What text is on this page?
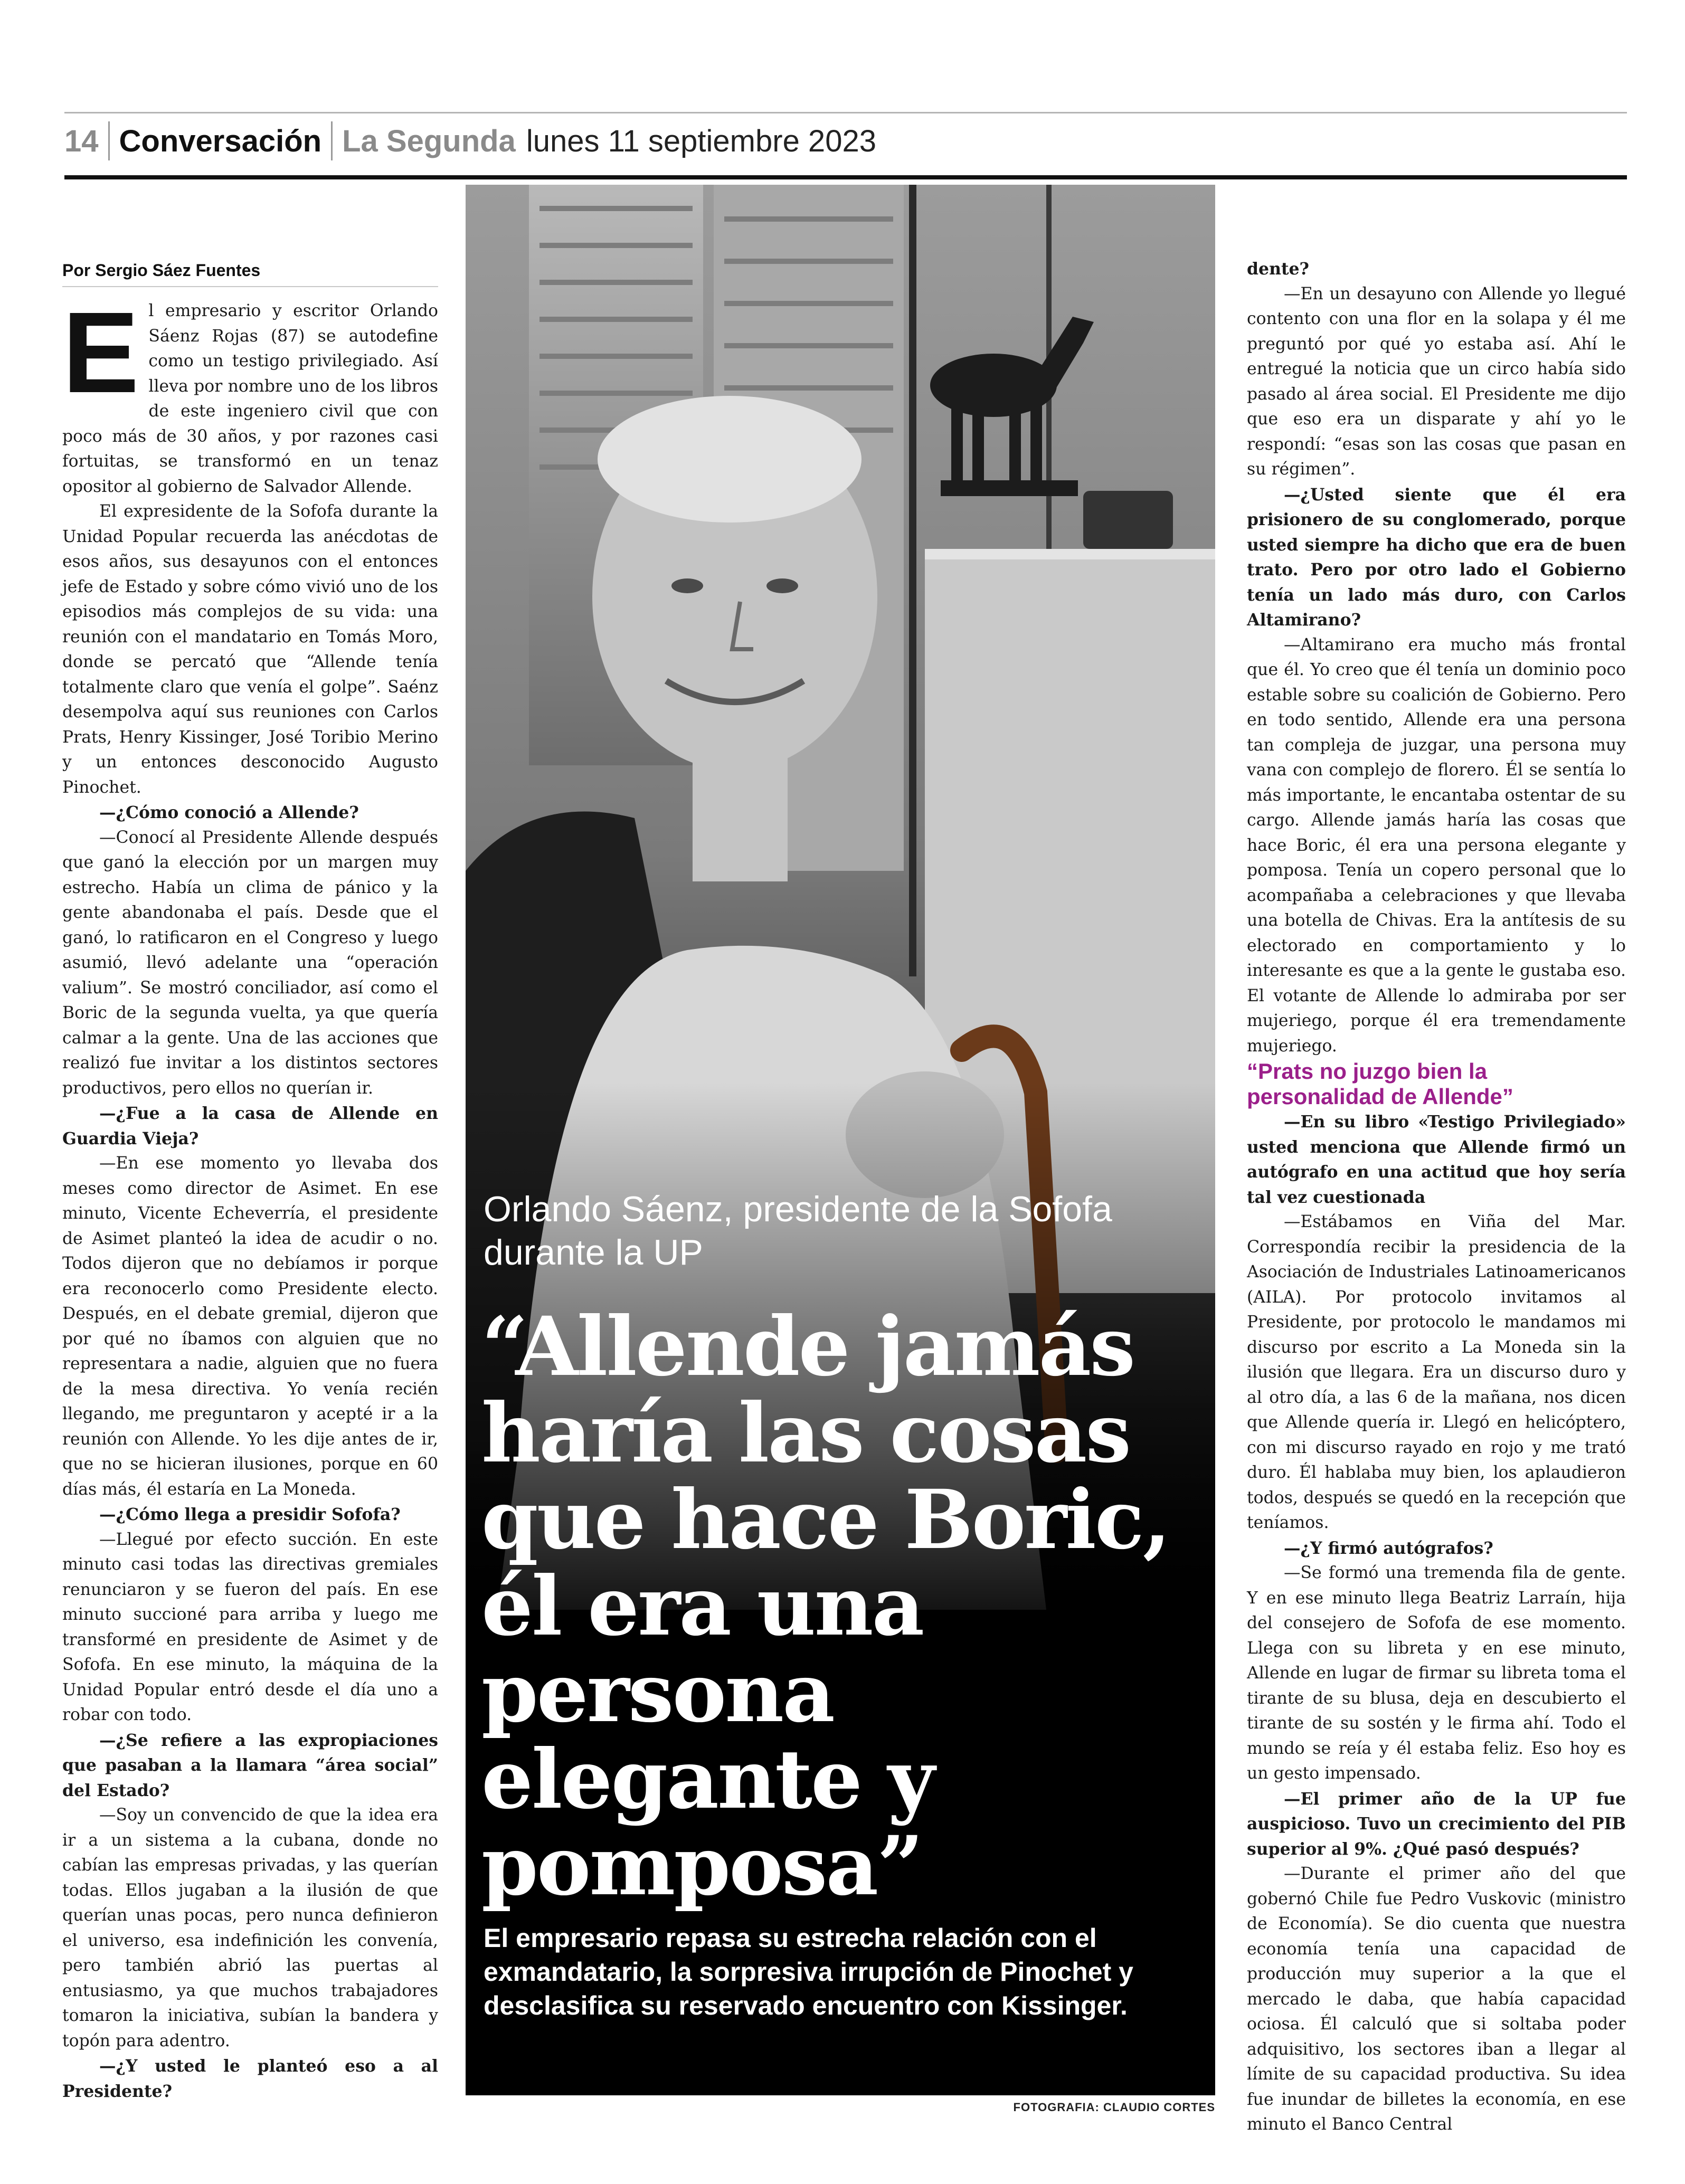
14 Conversación La Segunda lunes 11 septiembre 2023
Por Sergio Sáez Fuentes

El empresario y escritor Orlando Sáenz Rojas (87) se autodefine como un testigo privilegiado. Así lleva por nombre uno de los libros de este ingeniero civil que con poco más de 30 años, y por razones casi fortuitas, se transformó en un tenaz opositor al gobierno de Salvador Allende.

El expresidente de la Sofofa durante la Unidad Popular recuerda las anécdotas de esos años, sus desayunos con el entonces jefe de Estado y sobre cómo vivió uno de los episodios más complejos de su vida: una reunión con el mandatario en Tomás Moro, donde se percató que “Allende tenía totalmente claro que venía el golpe”. Saénz desempolva aquí sus reuniones con Carlos Prats, Henry Kissinger, José Toribio Merino y un entonces desconocido Augusto Pinochet.

—¿Cómo conoció a Allende?

—Conocí al Presidente Allende después que ganó la elección por un margen muy estrecho. Había un clima de pánico y la gente abandonaba el país. Desde que el ganó, lo ratificaron en el Congreso y luego asumió, llevó adelante una “operación valium”. Se mostró conciliador, así como el Boric de la segunda vuelta, ya que quería calmar a la gente. Una de las acciones que realizó fue invitar a los distintos sectores productivos, pero ellos no querían ir.

—¿Fue a la casa de Allende en Guardia Vieja?

—En ese momento yo llevaba dos meses como director de Asimet. En ese minuto, Vicente Echeverría, el presidente de Asimet planteó la idea de acudir o no. Todos dijeron que no debíamos ir porque era reconocerlo como Presidente electo. Después, en el debate gremial, dijeron que por qué no íbamos con alguien que no representara a nadie, alguien que no fuera de la mesa directiva. Yo venía recién llegando, me preguntaron y acepté ir a la reunión con Allende. Yo les dije antes de ir, que no se hicieran ilusiones, porque en 60 días más, él estaría en La Moneda.

—¿Cómo llega a presidir Sofofa?

—Llegué por efecto succión. En este minuto casi todas las directivas gremiales renunciaron y se fueron del país. En ese minuto succioné para arriba y luego me transformé en presidente de Asimet y de Sofofa. En ese minuto, la máquina de la Unidad Popular entró desde el día uno a robar con todo.

—¿Se refiere a las expropiaciones que pasaban a la llamara “área social” del Estado?

—Soy un convencido de que la idea era ir a un sistema a la cubana, donde no cabían las empresas privadas, y las querían todas. Ellos jugaban a la ilusión de que querían unas pocas, pero nunca definieron el universo, esa indefinición les convenía, pero también abrió las puertas al entusiasmo, ya que muchos trabajadores tomaron la iniciativa, subían la bandera y topón para adentro.

—¿Y usted le planteó eso a al Presidente?

Orlando Sáenz, presidente de la Sofofa durante la UP
“Allende jamás haría las cosas que hace Boric, él era una persona elegante y pomposa”
El empresario repasa su estrecha relación con el exmandatario, la sorpresiva irrupción de Pinochet y desclasifica su reservado encuentro con Kissinger.
FOTOGRAFIA: CLAUDIO CORTES

dente?

—En un desayuno con Allende yo llegué contento con una flor en la solapa y él me preguntó por qué yo estaba así. Ahí le entregué la noticia que un circo había sido pasado al área social. El Presidente me dijo que eso era un disparate y ahí yo le respondí: “esas son las cosas que pasan en su régimen”.

—¿Usted siente que él era prisionero de su conglomerado, porque usted siempre ha dicho que era de buen trato. Pero por otro lado el Gobierno tenía un lado más duro, con Carlos Altamirano?

—Altamirano era mucho más frontal que él. Yo creo que él tenía un dominio poco estable sobre su coalición de Gobierno. Pero en todo sentido, Allende era una persona tan compleja de juzgar, una persona muy vana con complejo de florero. Él se sentía lo más importante, le encantaba ostentar de su cargo. Allende jamás haría las cosas que hace Boric, él era una persona elegante y pomposa. Tenía un copero personal que lo acompañaba a celebraciones y que llevaba una botella de Chivas. Era la antítesis de su electorado en comportamiento y lo interesante es que a la gente le gustaba eso. El votante de Allende lo admiraba por ser mujeriego, porque él era tremendamente mujeriego.

“Prats no juzgo bien la personalidad de Allende”

—En su libro «Testigo Privilegiado» usted menciona que Allende firmó un autógrafo en una actitud que hoy sería tal vez cuestionada

—Estábamos en Viña del Mar. Correspondía recibir la presidencia de la Asociación de Industriales Latinoamericanos (AILA). Por protocolo invitamos al Presidente, por protocolo le mandamos mi discurso por escrito a La Moneda sin la ilusión que llegara. Era un discurso duro y al otro día, a las 6 de la mañana, nos dicen que Allende quería ir. Llegó en helicóptero, con mi discurso rayado en rojo y me trató duro. Él hablaba muy bien, los aplaudieron todos, después se quedó en la recepción que teníamos.

—¿Y firmó autógrafos?

—Se formó una tremenda fila de gente. Y en ese minuto llega Beatriz Larraín, hija del consejero de Sofofa de ese momento. Llega con su libreta y en ese minuto, Allende en lugar de firmar su libreta toma el tirante de su blusa, deja en descubierto el tirante de su sostén y le firma ahí. Todo el mundo se reía y él estaba feliz. Eso hoy es un gesto impensado.

—El primer año de la UP fue auspicioso. Tuvo un crecimiento del PIB superior al 9%. ¿Qué pasó después?

—Durante el primer año del que gobernó Chile fue Pedro Vuskovic (ministro de Economía). Se dio cuenta que nuestra economía tenía una capacidad de producción muy superior a la que el mercado le daba, que había capacidad ociosa. Él calculó que si soltaba poder adquisitivo, los sectores iban a llegar al límite de su capacidad productiva. Su idea fue inundar de billetes la economía, en ese minuto el Banco Central
